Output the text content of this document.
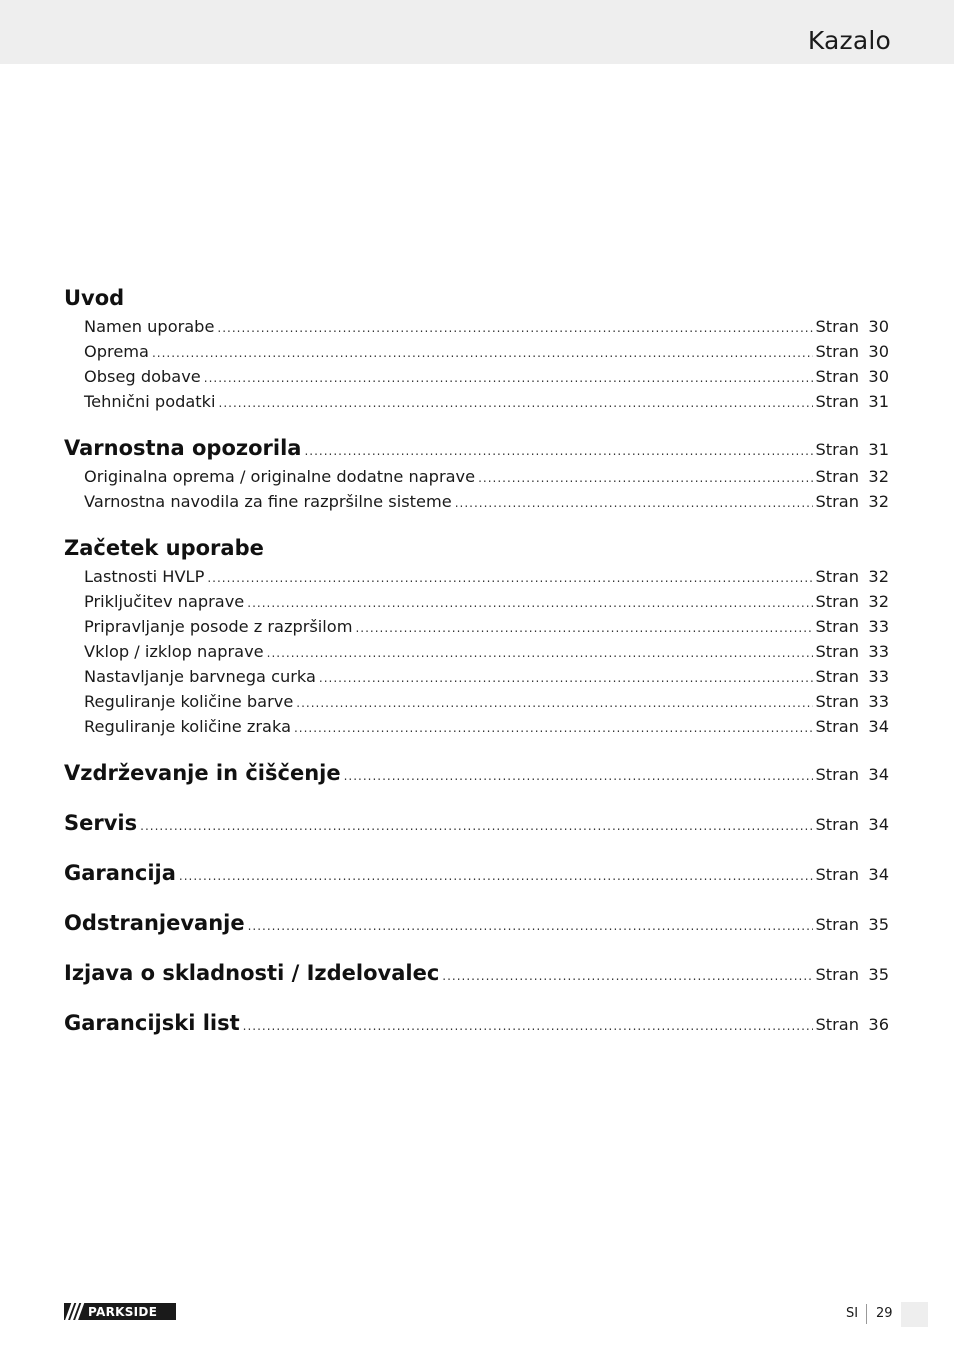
Kazalo
Uvod
Namen uporabe .....	Stran 30
Oprema .....	Stran 30
Obseg dobave .....	Stran 30
Tehnični podatki .....	Stran 31
Varnostna opozorila .....	Stran 31
Originalna oprema / originalne dodatne naprave .....	Stran 32
Varnostna navodila za fine razpršilne sisteme .....	Stran 32
Začetek uporabe
Lastnosti HVLP .....	Stran 32
Priključitev naprave .....	Stran 32
Pripravljanje posode z razpršilom .....	Stran 33
Vklop / izklop naprave .....	Stran 33
Nastavljanje barvnega curka .....	Stran 33
Reguliranje količine barve .....	Stran 33
Reguliranje količine zraka .....	Stran 34
Vzdrževanje in čiščenje .....	Stran 34
Servis .....	Stran 34
Garancija .....	Stran 34
Odstranjevanje .....	Stran 35
Izjava o skladnosti / Izdelovalec .....	Stran 35
Garancijski list .....	Stran 36
PARKSIDE	SI 29
